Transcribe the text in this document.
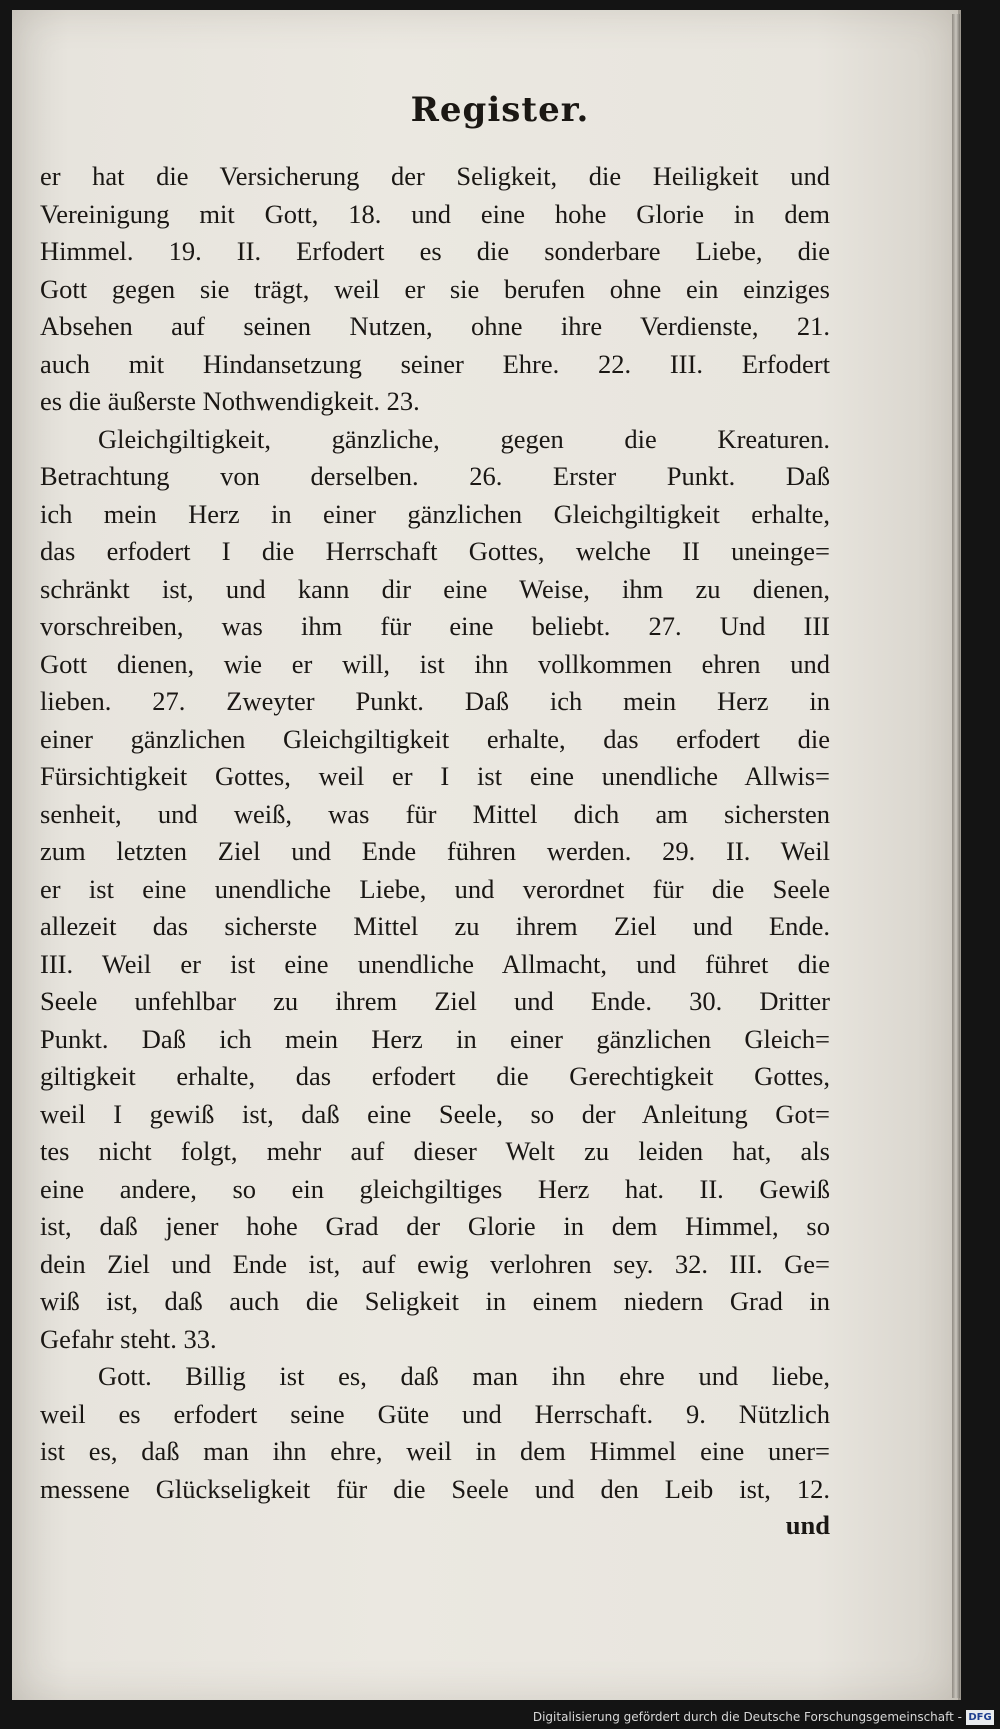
Register.
er hat die Versicherung der Seligkeit, die Heiligkeit und
Vereinigung mit Gott, 18. und eine hohe Glorie in dem
Himmel. 19. II. Erfodert es die sonderbare Liebe, die
Gott gegen sie trägt, weil er sie berufen ohne ein einziges
Absehen auf seinen Nutzen, ohne ihre Verdienste, 21.
auch mit Hindansetzung seiner Ehre. 22. III. Erfodert
es die äußerste Nothwendigkeit. 23.
Gleichgiltigkeit, gänzliche, gegen die Kreaturen.
Betrachtung von derselben. 26. Erster Punkt. Daß
ich mein Herz in einer gänzlichen Gleichgiltigkeit erhalte,
das erfodert I die Herrschaft Gottes, welche II uneinge=
schränkt ist, und kann dir eine Weise, ihm zu dienen,
vorschreiben, was ihm für eine beliebt. 27. Und III
Gott dienen, wie er will, ist ihn vollkommen ehren und
lieben. 27. Zweyter Punkt. Daß ich mein Herz in
einer gänzlichen Gleichgiltigkeit erhalte, das erfodert die
Fürsichtigkeit Gottes, weil er I ist eine unendliche Allwis=
senheit, und weiß, was für Mittel dich am sichersten
zum letzten Ziel und Ende führen werden. 29. II. Weil
er ist eine unendliche Liebe, und verordnet für die Seele
allezeit das sicherste Mittel zu ihrem Ziel und Ende.
III. Weil er ist eine unendliche Allmacht, und führet die
Seele unfehlbar zu ihrem Ziel und Ende. 30. Dritter
Punkt. Daß ich mein Herz in einer gänzlichen Gleich=
giltigkeit erhalte, das erfodert die Gerechtigkeit Gottes,
weil I gewiß ist, daß eine Seele, so der Anleitung Got=
tes nicht folgt, mehr auf dieser Welt zu leiden hat, als
eine andere, so ein gleichgiltiges Herz hat. II. Gewiß
ist, daß jener hohe Grad der Glorie in dem Himmel, so
dein Ziel und Ende ist, auf ewig verlohren sey. 32. III. Ge=
wiß ist, daß auch die Seligkeit in einem niedern Grad in
Gefahr steht. 33.
Gott. Billig ist es, daß man ihn ehre und liebe,
weil es erfodert seine Güte und Herrschaft. 9. Nützlich
ist es, daß man ihn ehre, weil in dem Himmel eine uner=
messene Glückseligkeit für die Seele und den Leib ist, 12.
und
Digitalisierung gefördert durch die Deutsche Forschungsgemeinschaft - DFG
